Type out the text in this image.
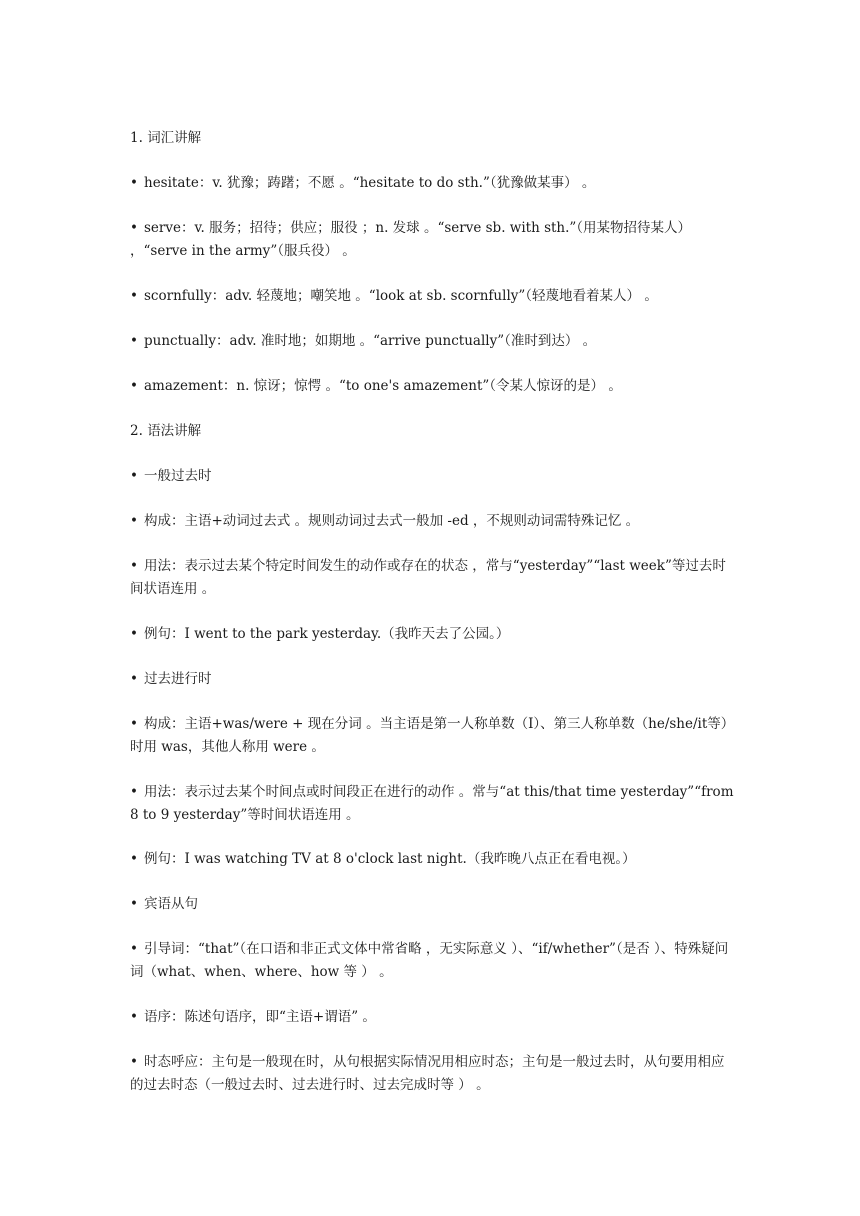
1. 词汇讲解

• hesitate：v. 犹豫；踌躇；不愿 。“hesitate to do sth.”（犹豫做某事） 。

• serve：v. 服务；招待；供应；服役 ；n. 发球 。“serve sb. with sth.”（用某物招待某人） ，“serve in the army”（服兵役） 。

• scornfully：adv. 轻蔑地；嘲笑地 。“look at sb. scornfully”（轻蔑地看着某人） 。

• punctually：adv. 准时地；如期地 。“arrive punctually”（准时到达） 。

• amazement：n. 惊讶；惊愕 。“to one's amazement”（令某人惊讶的是） 。

2. 语法讲解

• 一般过去时

• 构成：主语+动词过去式 。规则动词过去式一般加 -ed ，不规则动词需特殊记忆 。

• 用法：表示过去某个特定时间发生的动作或存在的状态 ，常与“yesterday”“last week”等过去时间状语连用 。

• 例句：I went to the park yesterday.（我昨天去了公园。）

• 过去进行时

• 构成：主语+was/were + 现在分词 。当主语是第一人称单数（I）、第三人称单数（he/she/it等）时用 was，其他人称用 were 。

• 用法：表示过去某个时间点或时间段正在进行的动作 。常与“at this/that time yesterday”“from 8 to 9 yesterday”等时间状语连用 。

• 例句：I was watching TV at 8 o'clock last night.（我昨晚八点正在看电视。）

• 宾语从句

• 引导词：“that”（在口语和非正式文体中常省略 ，无实际意义 ）、“if/whether”（是否 ）、特殊疑问词（what、when、where、how 等 ） 。

• 语序：陈述句语序，即“主语+谓语” 。

• 时态呼应：主句是一般现在时，从句根据实际情况用相应时态；主句是一般过去时，从句要用相应的过去时态（一般过去时、过去进行时、过去完成时等 ） 。
